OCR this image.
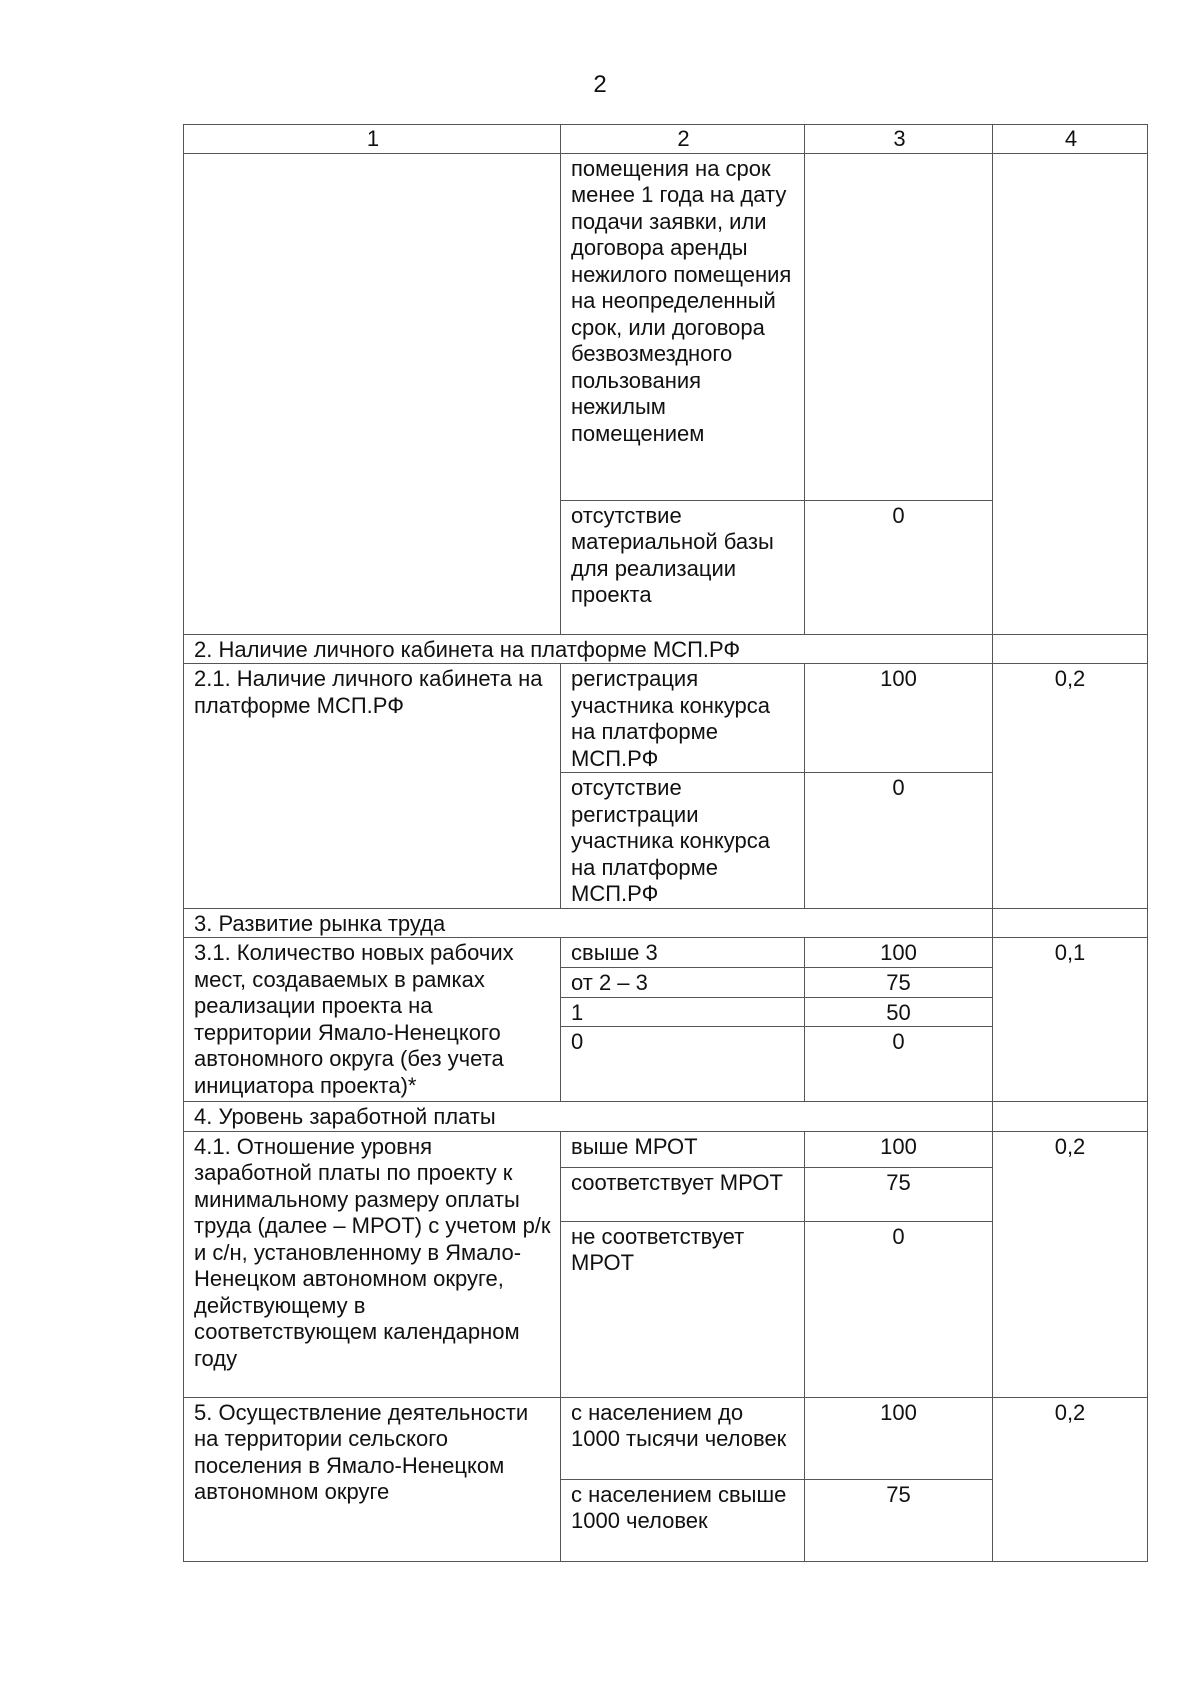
2
1	2	3	4
	помещения на срок менее 1 года на дату подачи заявки, или договора аренды нежилого помещения на неопределенный срок, или договора безвозмездного пользования нежилым помещением		
	отсутствие материальной базы для реализации проекта	0	
2. Наличие личного кабинета на платформе МСП.РФ			
2.1. Наличие личного кабинета на платформе МСП.РФ	регистрация участника конкурса на платформе МСП.РФ	100	0,2
	отсутствие регистрации участника конкурса на платформе МСП.РФ	0	
3. Развитие рынка труда			
3.1. Количество новых рабочих мест, создаваемых в рамках реализации проекта на территории Ямало-Ненецкого автономного округа (без учета инициатора проекта)*	свыше 3	100	0,1
	от 2 – 3	75	
	1	50	
	0	0	
4. Уровень заработной платы			
4.1. Отношение уровня заработной платы по проекту к минимальному размеру оплаты труда (далее – МРОТ) с учетом р/к и с/н, установленному в Ямало-Ненецком автономном округе, действующему в соответствующем календарном году	выше МРОТ	100	0,2
	соответствует МРОТ	75	
	не соответствует МРОТ	0	
5. Осуществление деятельности на территории сельского поселения в Ямало-Ненецком автономном округе	с населением до 1000 тысячи человек	100	0,2
	с населением свыше 1000 человек	75	
